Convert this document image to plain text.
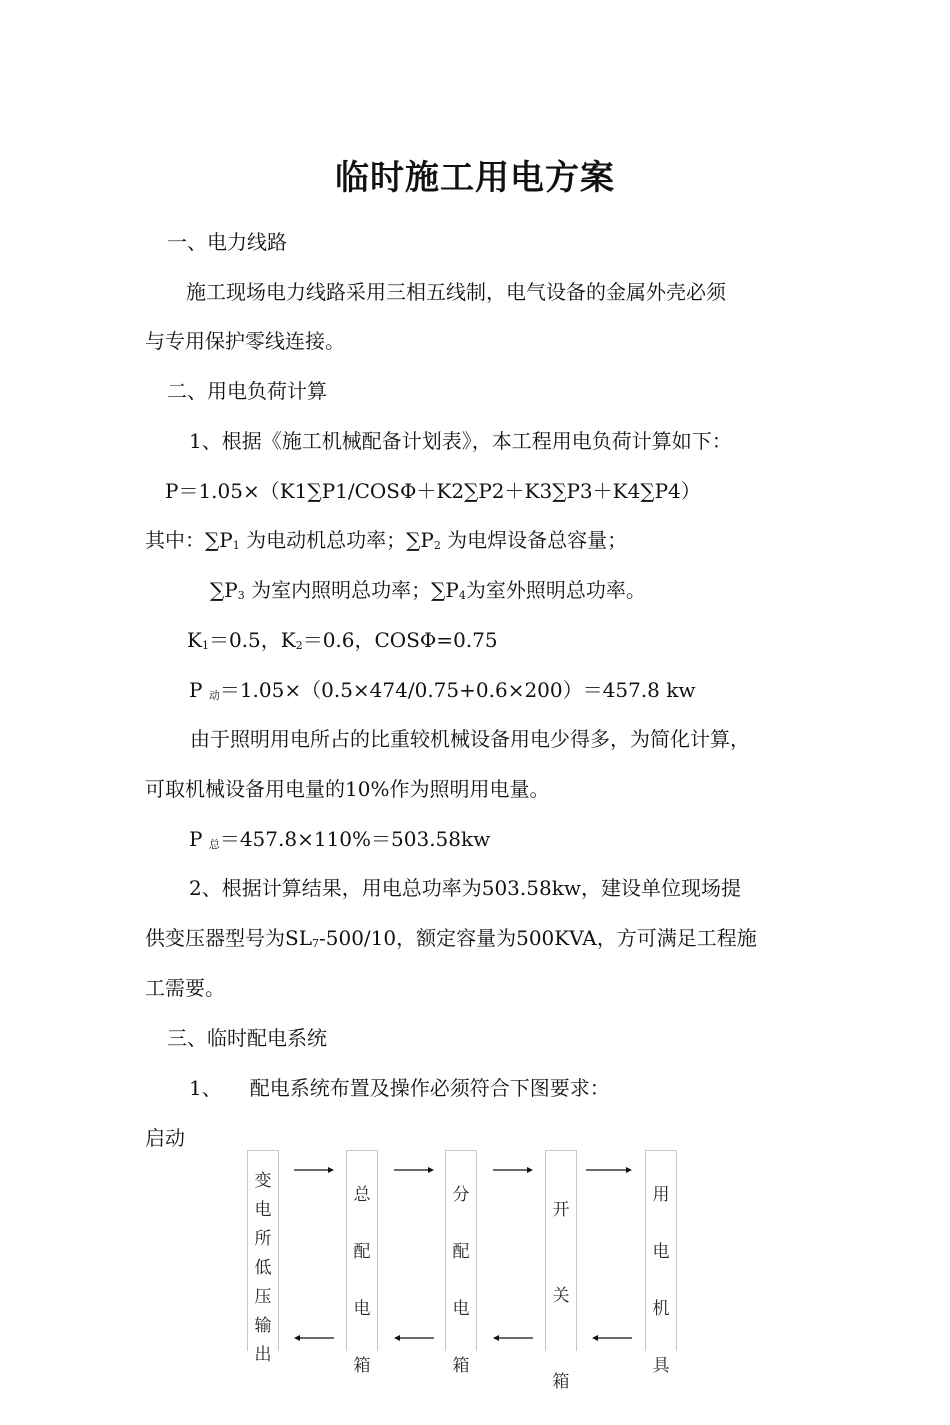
临时施工用电方案

一、电力线路

施工现场电力线路采用三相五线制，电气设备的金属外壳必须

与专用保护零线连接。

二、用电负荷计算

1、根据《施工机械配备计划表》，本工程用电负荷计算如下：

P＝1.05×（K1∑P1/COSΦ＋K2∑P2＋K3∑P3＋K4∑P4）

其中：$\sum P_1$ 为电动机总功率；$\sum P_2$ 为电焊设备总容量；

$\sum P_3$ 为室内照明总功率；$\sum P_4$为室外照明总功率。

$K_1=0.5$，$K_2=0.6$，COSΦ=0.75

P 动＝1.05×（0.5×474/0.75+0.6×200）＝457.8 kw

由于照明用电所占的比重较机械设备用电少得多，为简化计算，

可取机械设备用电量的10%作为照明用电量。

P 总＝457.8×110%＝503.58kw

2、根据计算结果，用电总功率为503.58kw，建设单位现场提

供变压器型号为$SL_7-500/10$，额定容量为500KVA，方可满足工程施

工需要。

三、临时配电系统

1、 配电系统布置及操作必须符合下图要求：

启动

变
电
所
低
压
输
出
总
配
电
箱
分
配
电
箱
开
关
箱
用
电
机
具
